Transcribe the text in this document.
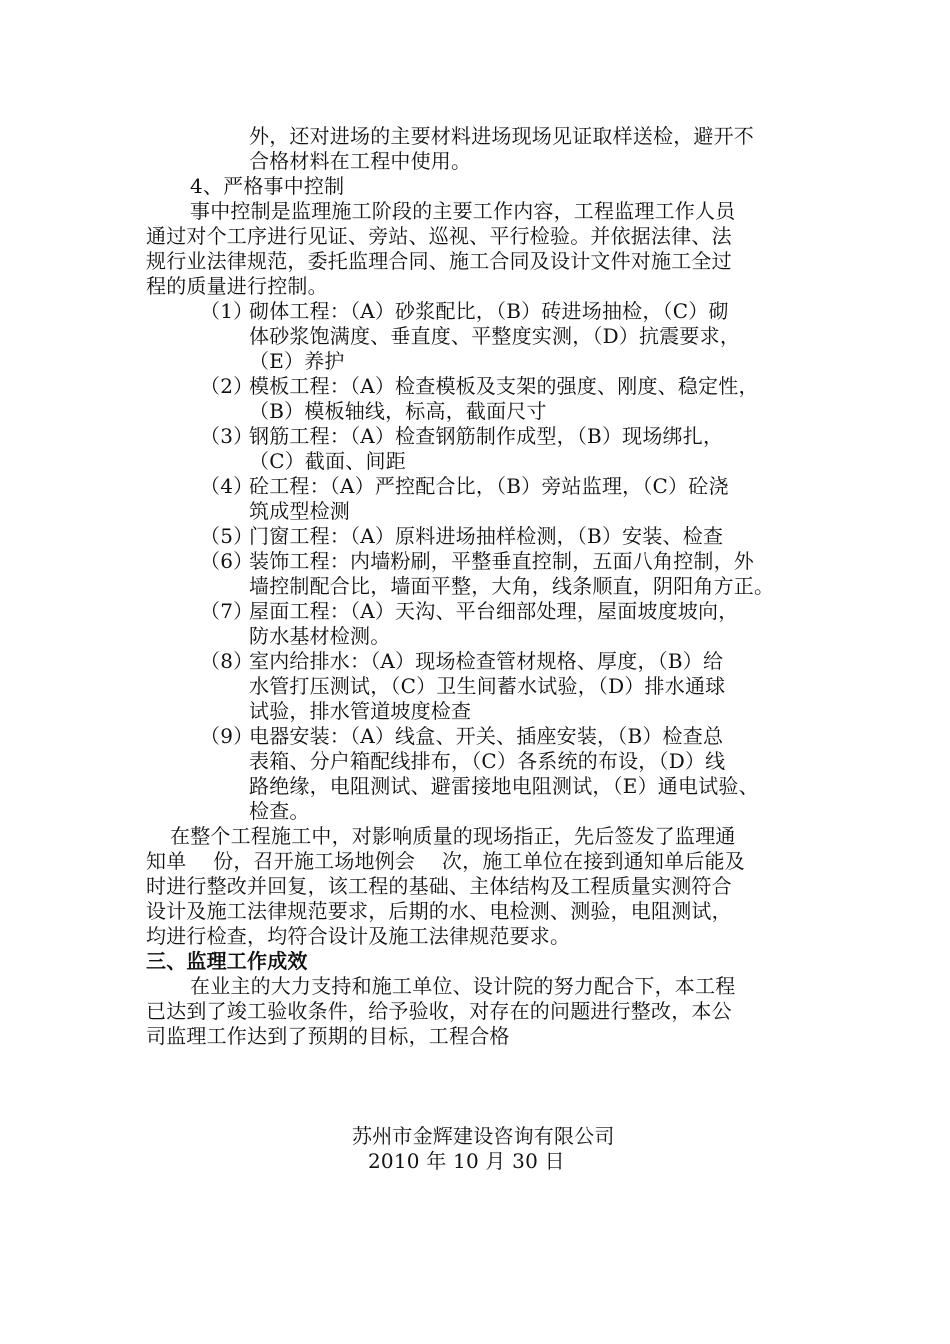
外，还对进场的主要材料进场现场见证取样送检，避开不
合格材料在工程中使用。
4、严格事中控制
事中控制是监理施工阶段的主要工作内容，工程监理工作人员
通过对个工序进行见证、旁站、巡视、平行检验。并依据法律、法
规行业法律规范，委托监理合同、施工合同及设计文件对施工全过
程的质量进行控制。
（1）
砌体工程：（A）砂浆配比，（B）砖进场抽检，（C）砌
体砂浆饱满度、垂直度、平整度实测，（D）抗震要求，
（E）养护
（2）
模板工程：（A）检查模板及支架的强度、刚度、稳定性，
（B）模板轴线，标高，截面尺寸
（3）
钢筋工程：（A）检查钢筋制作成型，（B）现场绑扎，
（C）截面、间距
（4）
砼工程：（A）严控配合比，（B）旁站监理，（C）砼浇
筑成型检测
（5）
门窗工程：（A）原料进场抽样检测，（B）安装、检查
（6）
装饰工程：内墙粉刷，平整垂直控制，五面八角控制，外
墙控制配合比，墙面平整，大角，线条顺直，阴阳角方正。
（7）
屋面工程：（A）天沟、平台细部处理，屋面坡度坡向，
防水基材检测。
（8）
室内给排水：（A）现场检查管材规格、厚度，（B）给
水管打压测试，（C）卫生间蓄水试验，（D）排水通球
试验，排水管道坡度检查
（9）
电器安装：（A）线盒、开关、插座安装，（B）检查总
表箱、分户箱配线排布，（C）各系统的布设，（D）线
路绝缘，电阻测试、避雷接地电阻测试，（E）通电试验、
检查。
在整个工程施工中，对影响质量的现场指正，先后签发了监理通
知单　 份，召开施工场地例会　 次，施工单位在接到通知单后能及
时进行整改并回复，该工程的基础、主体结构及工程质量实测符合
设计及施工法律规范要求，后期的水、电检测、测验，电阻测试，
均进行检查，均符合设计及施工法律规范要求。
三、监理工作成效
在业主的大力支持和施工单位、设计院的努力配合下，本工程
已达到了竣工验收条件，给予验收，对存在的问题进行整改，本公
司监理工作达到了预期的目标，工程合格
苏州市金辉建设咨询有限公司
2010 年 10 月 30 日
